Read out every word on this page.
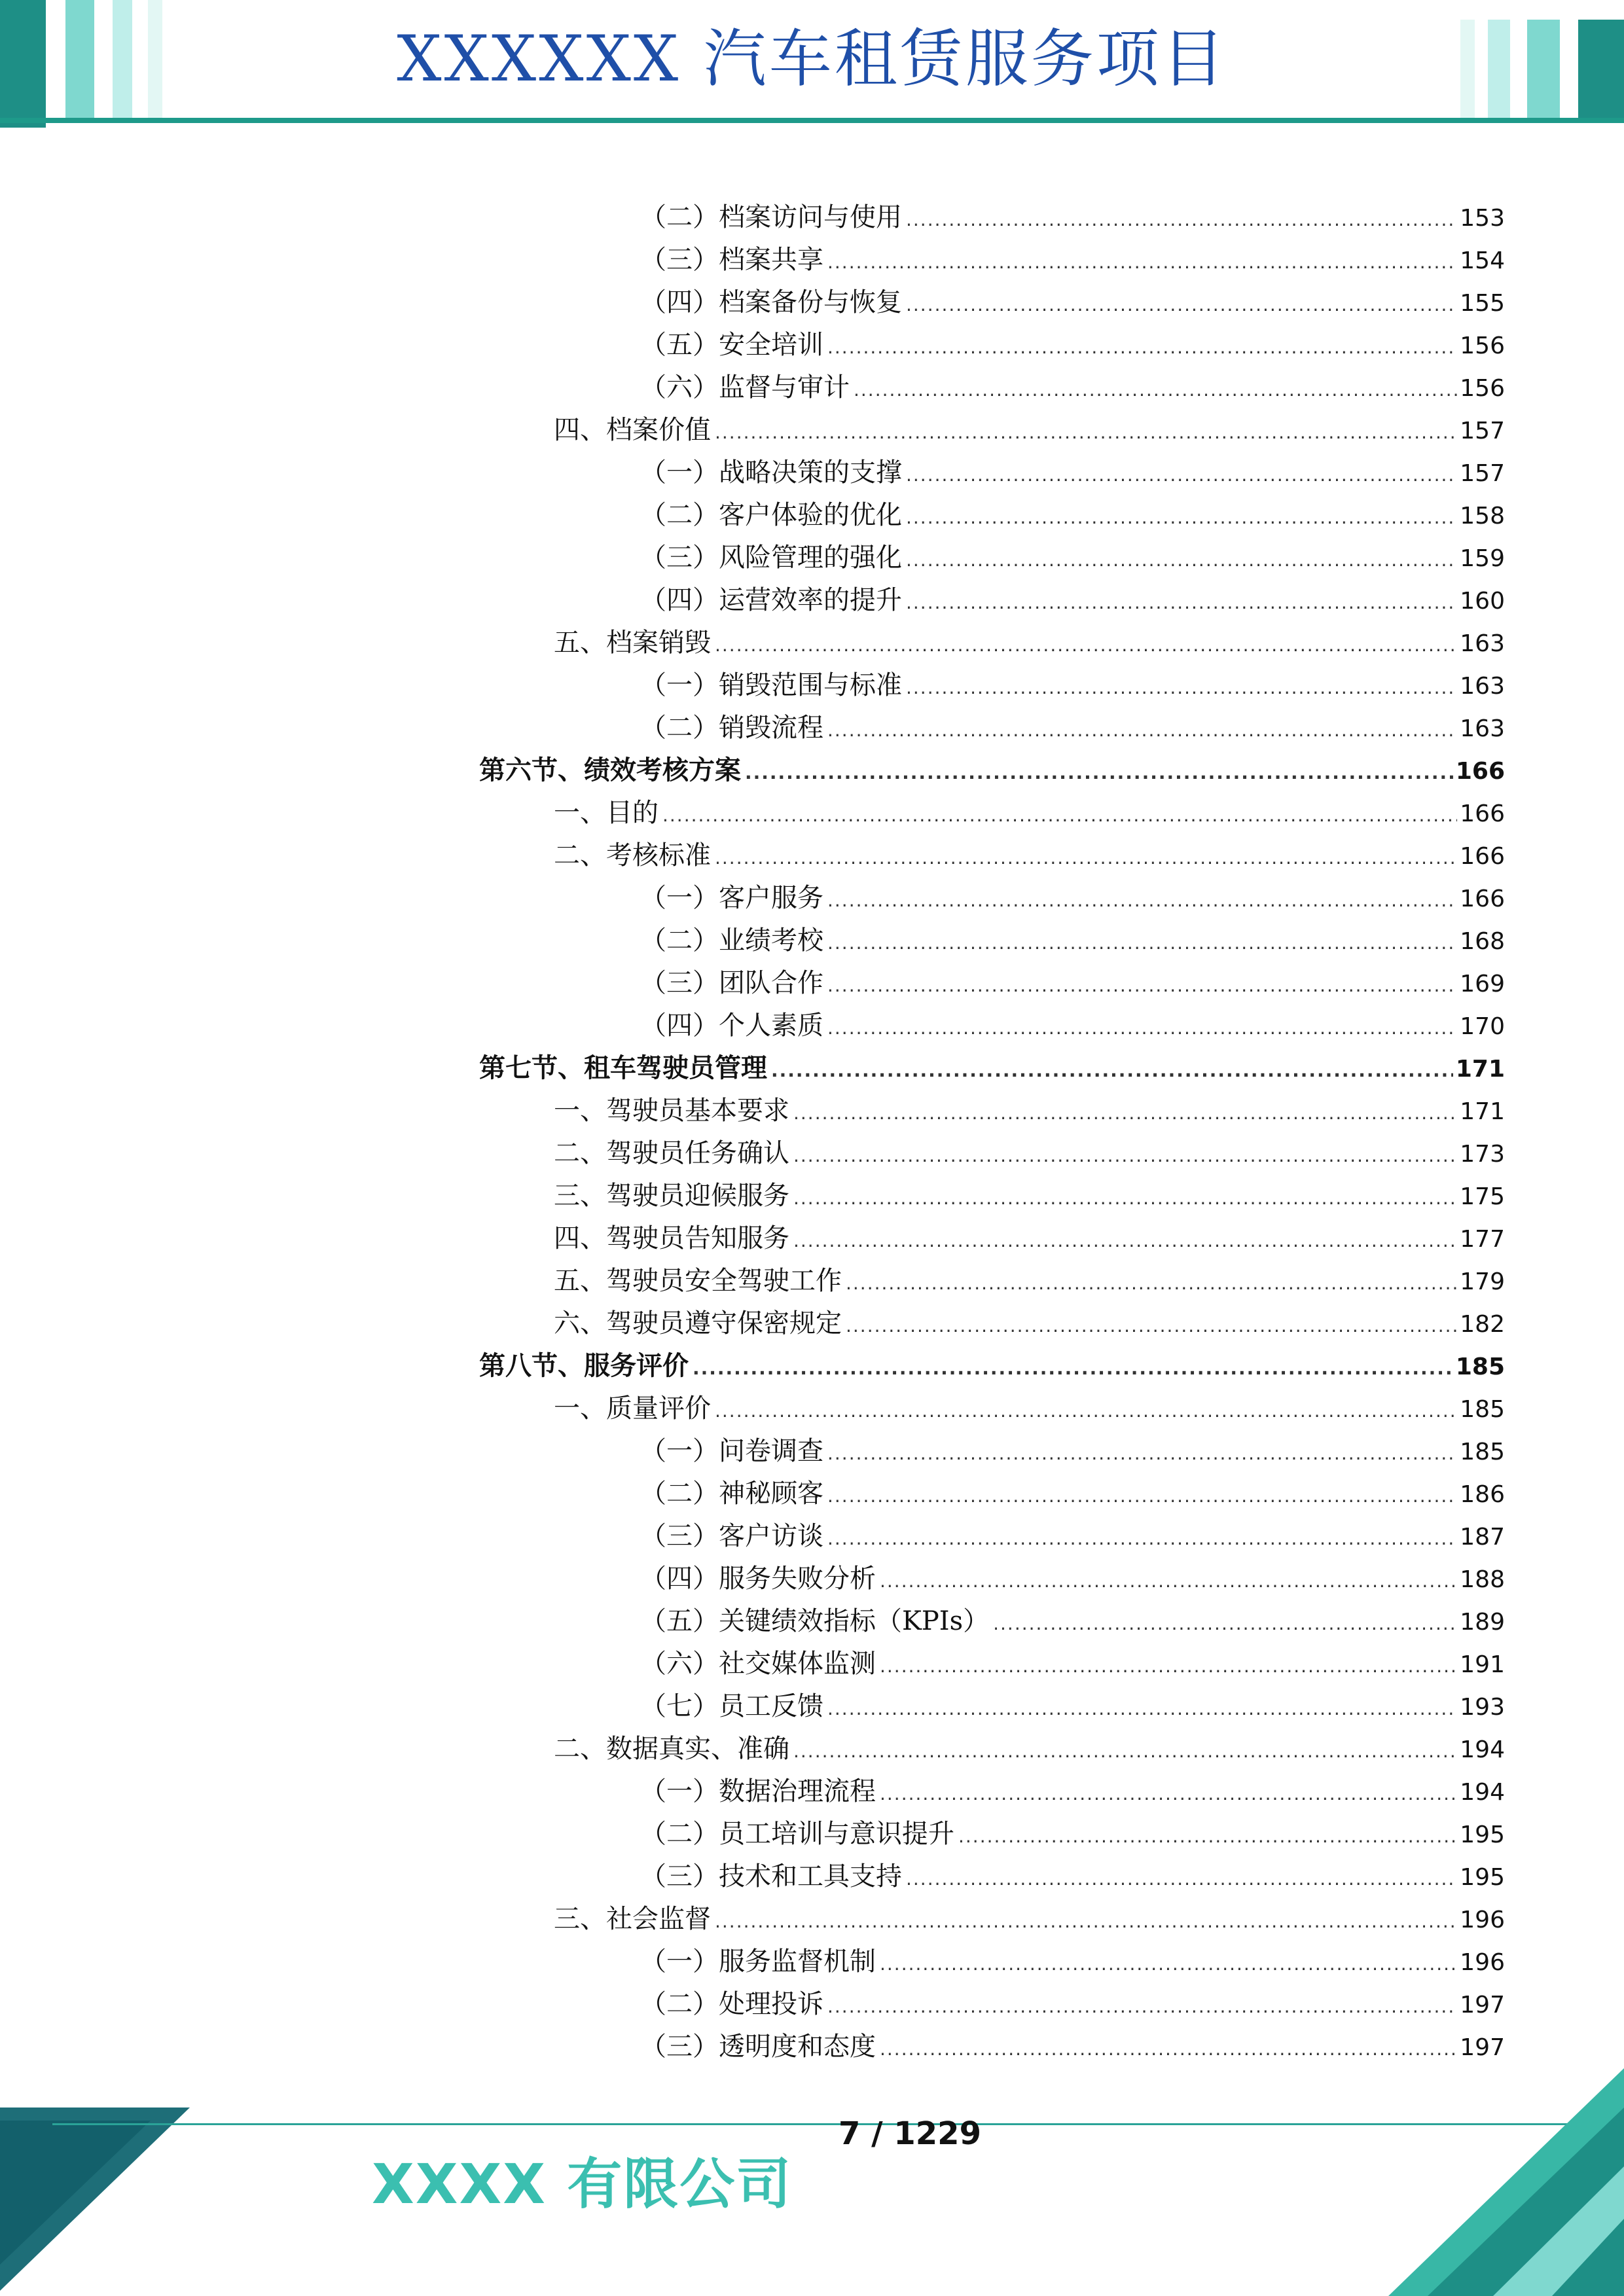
XXXXXX 汽车租赁服务项目
（二）档案访问与使用 .....	153
（三）档案共享 .....	154
（四）档案备份与恢复 .....	155
（五）安全培训 .....	156
（六）监督与审计 .....	156
四、档案价值 .....	157
（一）战略决策的支撑 .....	157
（二）客户体验的优化 .....	158
（三）风险管理的强化 .....	159
（四）运营效率的提升 .....	160
五、档案销毁 .....	163
（一）销毁范围与标准 .....	163
（二）销毁流程 .....	163
第六节、绩效考核方案 .....	166
一、目的 .....	166
二、考核标准 .....	166
（一）客户服务 .....	166
（二）业绩考校 .....	168
（三）团队合作 .....	169
（四）个人素质 .....	170
第七节、租车驾驶员管理 .....	171
一、驾驶员基本要求 .....	171
二、驾驶员任务确认 .....	173
三、驾驶员迎候服务 .....	175
四、驾驶员告知服务 .....	177
五、驾驶员安全驾驶工作 .....	179
六、驾驶员遵守保密规定 .....	182
第八节、服务评价 .....	185
一、质量评价 .....	185
（一）问卷调查 .....	185
（二）神秘顾客 .....	186
（三）客户访谈 .....	187
（四）服务失败分析 .....	188
（五）关键绩效指标（KPIs） .....	189
（六）社交媒体监测 .....	191
（七）员工反馈 .....	193
二、数据真实、准确 .....	194
（一）数据治理流程 .....	194
（二）员工培训与意识提升 .....	195
（三）技术和工具支持 .....	195
三、社会监督 .....	196
（一）服务监督机制 .....	196
（二）处理投诉 .....	197
（三）透明度和态度 .....	197
XXXX 有限公司
7 / 1229
